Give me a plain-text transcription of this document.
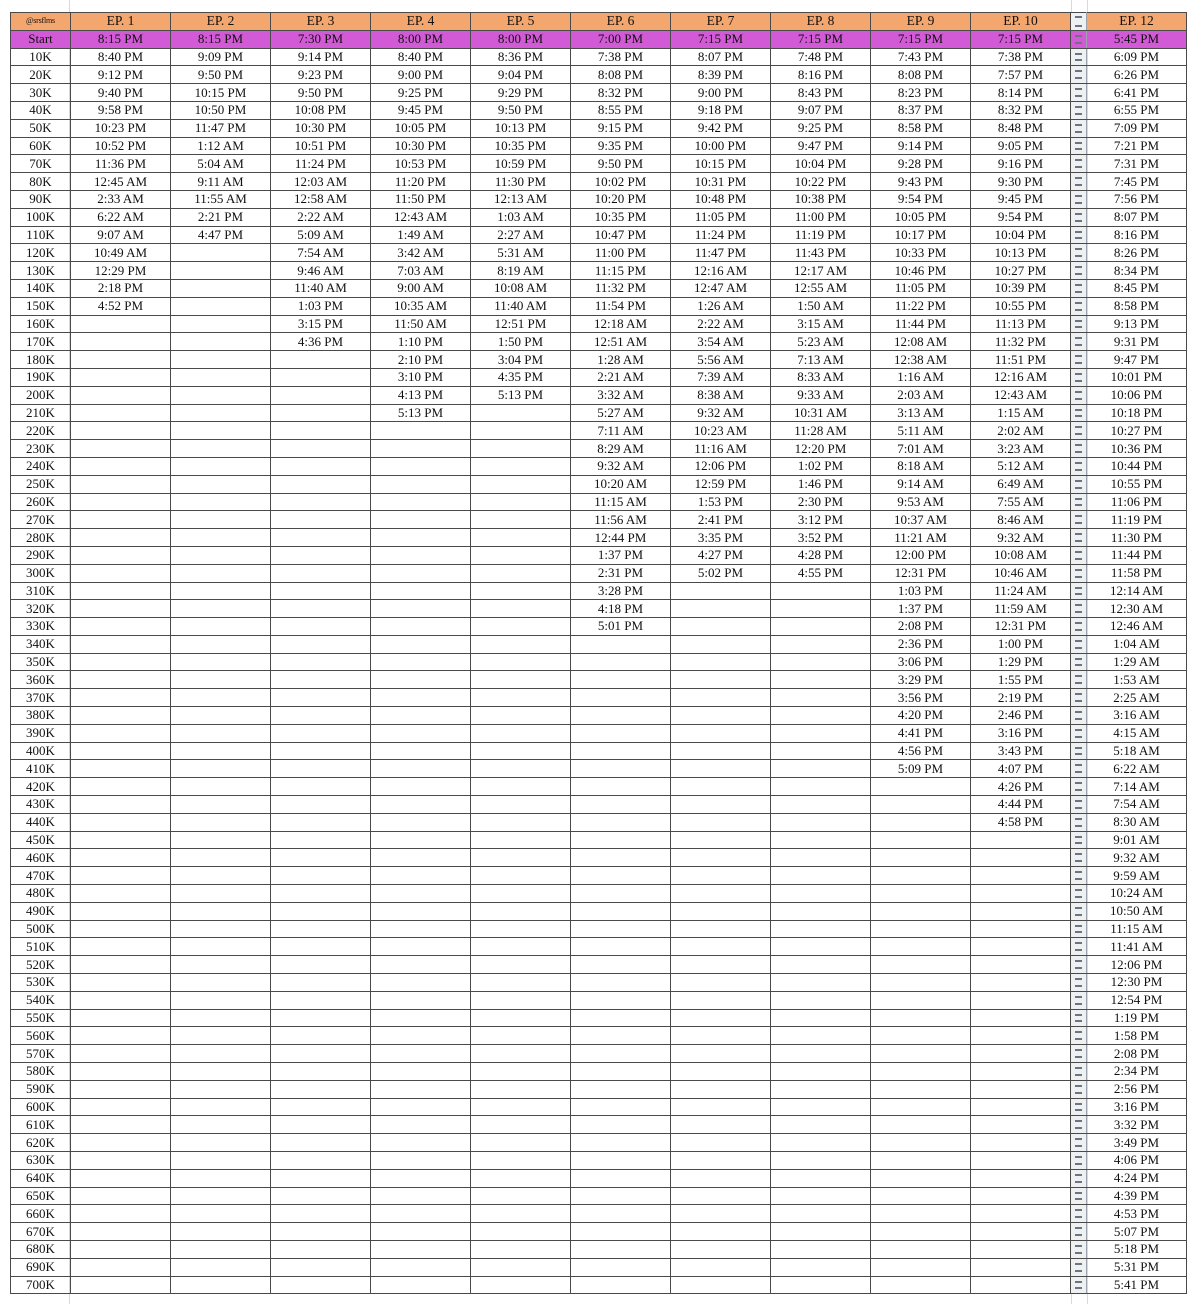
@srsflms	EP. 1	EP. 2	EP. 3	EP. 4	EP. 5	EP. 6	EP. 7	EP. 8	EP. 9	EP. 10		EP. 12
Start	8:15 PM	8:15 PM	7:30 PM	8:00 PM	8:00 PM	7:00 PM	7:15 PM	7:15 PM	7:15 PM	7:15 PM		5:45 PM
10K	8:40 PM	9:09 PM	9:14 PM	8:40 PM	8:36 PM	7:38 PM	8:07 PM	7:48 PM	7:43 PM	7:38 PM		6:09 PM
20K	9:12 PM	9:50 PM	9:23 PM	9:00 PM	9:04 PM	8:08 PM	8:39 PM	8:16 PM	8:08 PM	7:57 PM		6:26 PM
30K	9:40 PM	10:15 PM	9:50 PM	9:25 PM	9:29 PM	8:32 PM	9:00 PM	8:43 PM	8:23 PM	8:14 PM		6:41 PM
40K	9:58 PM	10:50 PM	10:08 PM	9:45 PM	9:50 PM	8:55 PM	9:18 PM	9:07 PM	8:37 PM	8:32 PM		6:55 PM
50K	10:23 PM	11:47 PM	10:30 PM	10:05 PM	10:13 PM	9:15 PM	9:42 PM	9:25 PM	8:58 PM	8:48 PM		7:09 PM
60K	10:52 PM	1:12 AM	10:51 PM	10:30 PM	10:35 PM	9:35 PM	10:00 PM	9:47 PM	9:14 PM	9:05 PM		7:21 PM
70K	11:36 PM	5:04 AM	11:24 PM	10:53 PM	10:59 PM	9:50 PM	10:15 PM	10:04 PM	9:28 PM	9:16 PM		7:31 PM
80K	12:45 AM	9:11 AM	12:03 AM	11:20 PM	11:30 PM	10:02 PM	10:31 PM	10:22 PM	9:43 PM	9:30 PM		7:45 PM
90K	2:33 AM	11:55 AM	12:58 AM	11:50 PM	12:13 AM	10:20 PM	10:48 PM	10:38 PM	9:54 PM	9:45 PM		7:56 PM
100K	6:22 AM	2:21 PM	2:22 AM	12:43 AM	1:03 AM	10:35 PM	11:05 PM	11:00 PM	10:05 PM	9:54 PM		8:07 PM
110K	9:07 AM	4:47 PM	5:09 AM	1:49 AM	2:27 AM	10:47 PM	11:24 PM	11:19 PM	10:17 PM	10:04 PM		8:16 PM
120K	10:49 AM		7:54 AM	3:42 AM	5:31 AM	11:00 PM	11:47 PM	11:43 PM	10:33 PM	10:13 PM		8:26 PM
130K	12:29 PM		9:46 AM	7:03 AM	8:19 AM	11:15 PM	12:16 AM	12:17 AM	10:46 PM	10:27 PM		8:34 PM
140K	2:18 PM		11:40 AM	9:00 AM	10:08 AM	11:32 PM	12:47 AM	12:55 AM	11:05 PM	10:39 PM		8:45 PM
150K	4:52 PM		1:03 PM	10:35 AM	11:40 AM	11:54 PM	1:26 AM	1:50 AM	11:22 PM	10:55 PM		8:58 PM
160K			3:15 PM	11:50 AM	12:51 PM	12:18 AM	2:22 AM	3:15 AM	11:44 PM	11:13 PM		9:13 PM
170K			4:36 PM	1:10 PM	1:50 PM	12:51 AM	3:54 AM	5:23 AM	12:08 AM	11:32 PM		9:31 PM
180K				2:10 PM	3:04 PM	1:28 AM	5:56 AM	7:13 AM	12:38 AM	11:51 PM		9:47 PM
190K				3:10 PM	4:35 PM	2:21 AM	7:39 AM	8:33 AM	1:16 AM	12:16 AM		10:01 PM
200K				4:13 PM	5:13 PM	3:32 AM	8:38 AM	9:33 AM	2:03 AM	12:43 AM		10:06 PM
210K				5:13 PM		5:27 AM	9:32 AM	10:31 AM	3:13 AM	1:15 AM		10:18 PM
220K						7:11 AM	10:23 AM	11:28 AM	5:11 AM	2:02 AM		10:27 PM
230K						8:29 AM	11:16 AM	12:20 PM	7:01 AM	3:23 AM		10:36 PM
240K						9:32 AM	12:06 PM	1:02 PM	8:18 AM	5:12 AM		10:44 PM
250K						10:20 AM	12:59 PM	1:46 PM	9:14 AM	6:49 AM		10:55 PM
260K						11:15 AM	1:53 PM	2:30 PM	9:53 AM	7:55 AM		11:06 PM
270K						11:56 AM	2:41 PM	3:12 PM	10:37 AM	8:46 AM		11:19 PM
280K						12:44 PM	3:35 PM	3:52 PM	11:21 AM	9:32 AM		11:30 PM
290K						1:37 PM	4:27 PM	4:28 PM	12:00 PM	10:08 AM		11:44 PM
300K						2:31 PM	5:02 PM	4:55 PM	12:31 PM	10:46 AM		11:58 PM
310K						3:28 PM			1:03 PM	11:24 AM		12:14 AM
320K						4:18 PM			1:37 PM	11:59 AM		12:30 AM
330K						5:01 PM			2:08 PM	12:31 PM		12:46 AM
340K									2:36 PM	1:00 PM		1:04 AM
350K									3:06 PM	1:29 PM		1:29 AM
360K									3:29 PM	1:55 PM		1:53 AM
370K									3:56 PM	2:19 PM		2:25 AM
380K									4:20 PM	2:46 PM		3:16 AM
390K									4:41 PM	3:16 PM		4:15 AM
400K									4:56 PM	3:43 PM		5:18 AM
410K									5:09 PM	4:07 PM		6:22 AM
420K										4:26 PM		7:14 AM
430K										4:44 PM		7:54 AM
440K										4:58 PM		8:30 AM
450K												9:01 AM
460K												9:32 AM
470K												9:59 AM
480K												10:24 AM
490K												10:50 AM
500K												11:15 AM
510K												11:41 AM
520K												12:06 PM
530K												12:30 PM
540K												12:54 PM
550K												1:19 PM
560K												1:58 PM
570K												2:08 PM
580K												2:34 PM
590K												2:56 PM
600K												3:16 PM
610K												3:32 PM
620K												3:49 PM
630K												4:06 PM
640K												4:24 PM
650K												4:39 PM
660K												4:53 PM
670K												5:07 PM
680K												5:18 PM
690K												5:31 PM
700K												5:41 PM
